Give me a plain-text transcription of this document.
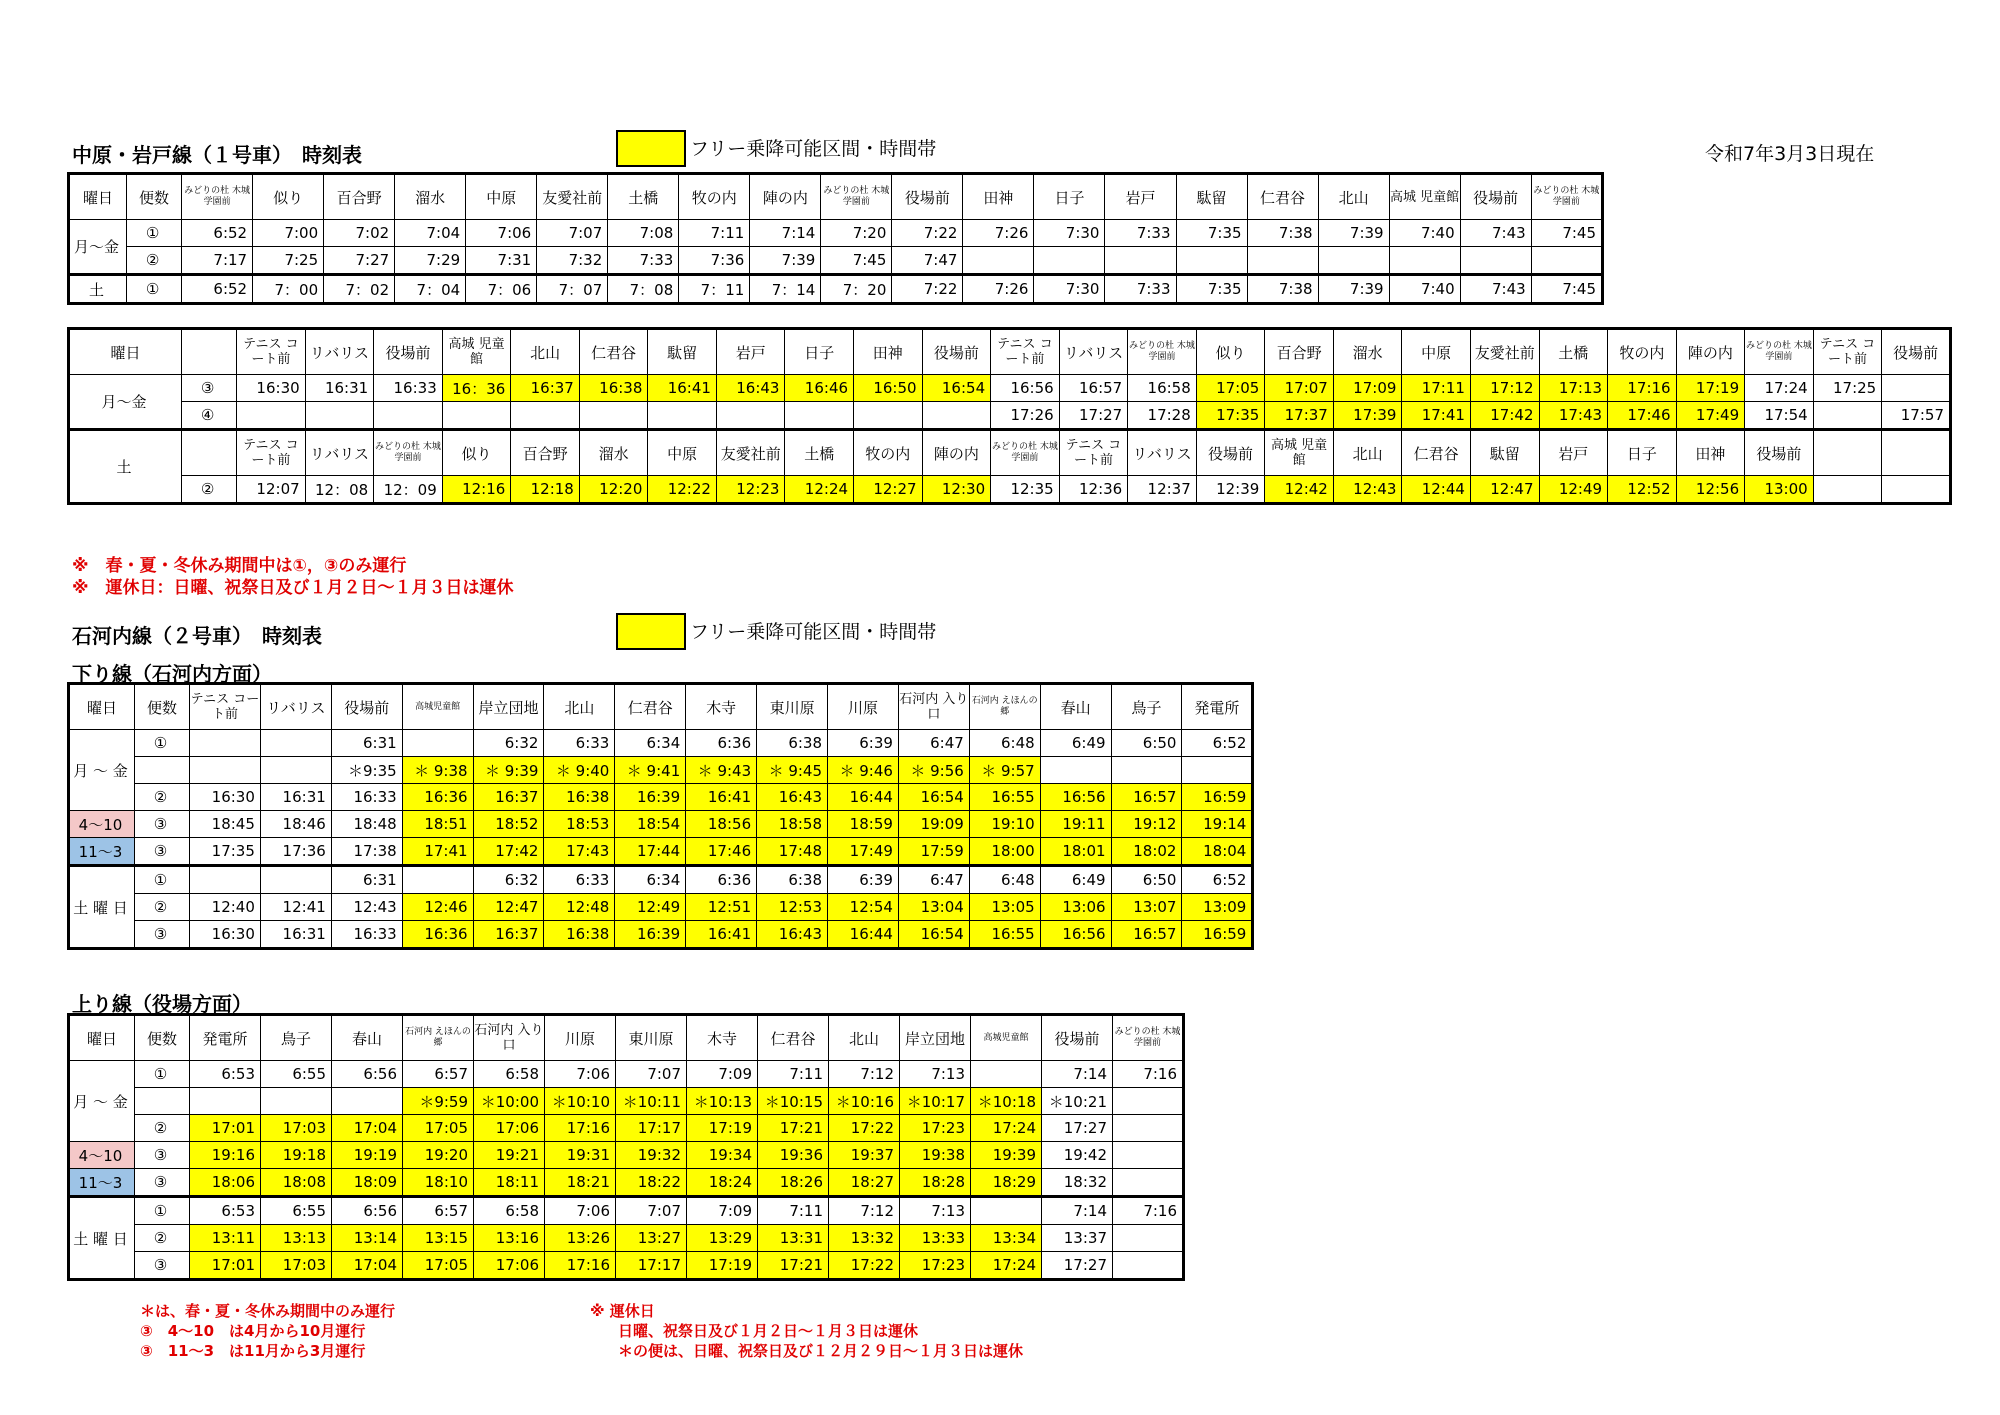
中原・岩戸線（１号車）　時刻表	フリー乗降可能区間・時間帯	令和7年3月3日現在
曜日	便数	みどりの杜 木城学園前	似り	百合野	溜水	中原	友愛社前	土橋	牧の内	陣の内	みどりの杜 木城学園前	役場前	田神	日子	岩戸	駄留	仁君谷	北山	高城 児童館	役場前	みどりの杜 木城学園前
月～金	①	6:52	7:00	7:02	7:04	7:06	7:07	7:08	7:11	7:14	7:20	7:22	7:26	7:30	7:33	7:35	7:38	7:39	7:40	7:43	7:45
	②	7:17	7:25	7:27	7:29	7:31	7:32	7:33	7:36	7:39	7:45	7:47									
土	①	6:52	7：00	7：02	7：04	7：06	7：07	7：08	7：11	7：14	7：20	7:22	7:26	7:30	7:33	7:35	7:38	7:39	7:40	7:43	7:45
曜日		テニス コート前	リバリス	役場前	高城 児童館	北山	仁君谷	駄留	岩戸	日子	田神	役場前	テニス コート前	リバリス	みどりの杜 木城学園前	似り	百合野	溜水	中原	友愛社前	土橋	牧の内	陣の内	みどりの杜 木城学園前	テニス コート前	役場前
月～金	③	16:30	16:31	16:33	16：36	16:37	16:38	16:41	16:43	16:46	16:50	16:54	16:56	16:57	16:58	17:05	17:07	17:09	17:11	17:12	17:13	17:16	17:19	17:24	17:25	
	④												17:26	17:27	17:28	17:35	17:37	17:39	17:41	17:42	17:43	17:46	17:49	17:54		17:57
土		テニス コート前	リバリス	みどりの杜 木城学園前	似り	百合野	溜水	中原	友愛社前	土橋	牧の内	陣の内	みどりの杜 木城学園前	テニス コート前	リバリス	役場前	高城 児童館	北山	仁君谷	駄留	岩戸	日子	田神	役場前		
	②	12:07	12：08	12：09	12:16	12:18	12:20	12:22	12:23	12:24	12:27	12:30	12:35	12:36	12:37	12:39	12:42	12:43	12:44	12:47	12:49	12:52	12:56	13:00		
※　春・夏・冬休み期間中は①，③のみ運行
※　運休日：日曜、祝祭日及び１月２日～１月３日は運休
石河内線（２号車）　時刻表	フリー乗降可能区間・時間帯
下り線（石河内方面）
曜日	便数	テニス コート前	リバリス	役場前	高城児童館	岸立団地	北山	仁君谷	木寺	東川原	川原	石河内 入り口	石河内 えほんの郷	春山	鳥子	発電所
月 ～ 金	①			6:31		6:32	6:33	6:34	6:36	6:38	6:39	6:47	6:48	6:49	6:50	6:52
				＊9:35	＊ 9:38	＊ 9:39	＊ 9:40	＊ 9:41	＊ 9:43	＊ 9:45	＊ 9:46	＊ 9:56	＊ 9:57			
	②	16:30	16:31	16:33	16:36	16:37	16:38	16:39	16:41	16:43	16:44	16:54	16:55	16:56	16:57	16:59
4～10	③	18:45	18:46	18:48	18:51	18:52	18:53	18:54	18:56	18:58	18:59	19:09	19:10	19:11	19:12	19:14
11～3	③	17:35	17:36	17:38	17:41	17:42	17:43	17:44	17:46	17:48	17:49	17:59	18:00	18:01	18:02	18:04
土 曜 日	①			6:31		6:32	6:33	6:34	6:36	6:38	6:39	6:47	6:48	6:49	6:50	6:52
	②	12:40	12:41	12:43	12:46	12:47	12:48	12:49	12:51	12:53	12:54	13:04	13:05	13:06	13:07	13:09
	③	16:30	16:31	16:33	16:36	16:37	16:38	16:39	16:41	16:43	16:44	16:54	16:55	16:56	16:57	16:59
上り線（役場方面）
曜日	便数	発電所	鳥子	春山	石河内 えほんの郷	石河内 入り口	川原	東川原	木寺	仁君谷	北山	岸立団地	高城児童館	役場前	みどりの杜 木城学園前
月 ～ 金	①	6:53	6:55	6:56	6:57	6:58	7:06	7:07	7:09	7:11	7:12	7:13		7:14	7:16
					＊9:59	＊10:00	＊10:10	＊10:11	＊10:13	＊10:15	＊10:16	＊10:17	＊10:18	＊10:21	
	②	17:01	17:03	17:04	17:05	17:06	17:16	17:17	17:19	17:21	17:22	17:23	17:24	17:27	
4～10	③	19:16	19:18	19:19	19:20	19:21	19:31	19:32	19:34	19:36	19:37	19:38	19:39	19:42	
11～3	③	18:06	18:08	18:09	18:10	18:11	18:21	18:22	18:24	18:26	18:27	18:28	18:29	18:32	
土 曜 日	①	6:53	6:55	6:56	6:57	6:58	7:06	7:07	7:09	7:11	7:12	7:13		7:14	7:16
	②	13:11	13:13	13:14	13:15	13:16	13:26	13:27	13:29	13:31	13:32	13:33	13:34	13:37	
	③	17:01	17:03	17:04	17:05	17:06	17:16	17:17	17:19	17:21	17:22	17:23	17:24	17:27	
＊は、春・夏・冬休み期間中のみ運行
③　4～10　は4月から10月運行
③　11～3　は11月から3月運行
※ 運休日
日曜、祝祭日及び１月２日～１月３日は運休
＊の便は、日曜、祝祭日及び１２月２９日～１月３日は運休
